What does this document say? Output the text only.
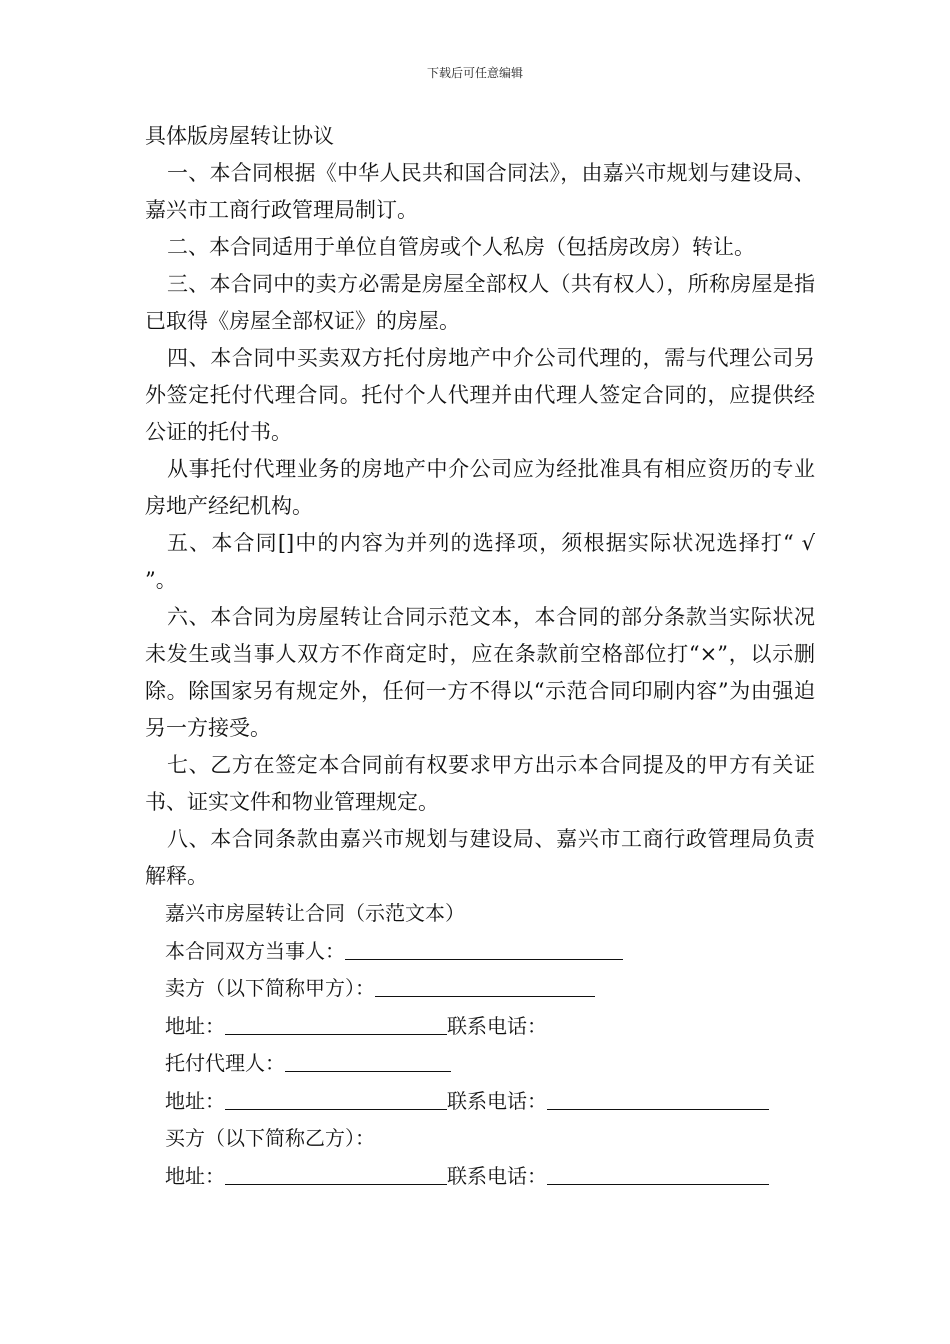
下载后可任意编辑

具体版房屋转让协议

一、本合同根据《中华人民共和国合同法》，由嘉兴市规划与建设局、嘉兴市工商行政管理局制订。

二、本合同适用于单位自管房或个人私房（包括房改房）转让。

三、本合同中的卖方必需是房屋全部权人（共有权人），所称房屋是指已取得《房屋全部权证》的房屋。

四、本合同中买卖双方托付房地产中介公司代理的，需与代理公司另外签定托付代理合同。托付个人代理并由代理人签定合同的，应提供经公证的托付书。

从事托付代理业务的房地产中介公司应为经批准具有相应资历的专业房地产经纪机构。

五、本合同[]中的内容为并列的选择项，须根据实际状况选择打“ √ ”。

六、本合同为房屋转让合同示范文本，本合同的部分条款当实际状况未发生或当事人双方不作商定时，应在条款前空格部位打“×”，以示删除。除国家另有规定外，任何一方不得以“示范合同印刷内容”为由强迫另一方接受。

七、乙方在签定本合同前有权要求甲方出示本合同提及的甲方有关证书、证实文件和物业管理规定。

八、本合同条款由嘉兴市规划与建设局、嘉兴市工商行政管理局负责解释。

嘉兴市房屋转让合同（示范文本）

本合同双方当事人：

卖方（以下简称甲方）：

地址：	联系电话：

托付代理人：

地址：	联系电话：

买方（以下简称乙方）：

地址：	联系电话：
